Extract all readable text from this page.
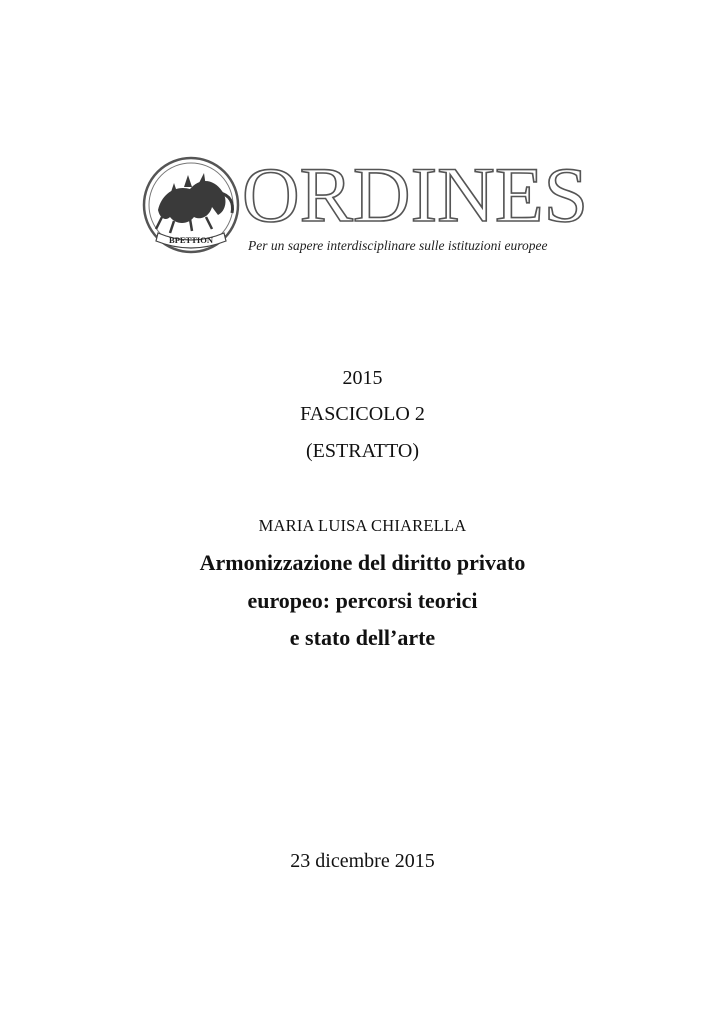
BPETTION
ORDINES
Per un sapere interdisciplinare sulle istituzioni europee
2015
FASCICOLO 2
(ESTRATTO)
MARIA LUISA CHIARELLA
Armonizzazione del diritto privato
europeo: percorsi teorici
e stato dell’arte
23 dicembre 2015
